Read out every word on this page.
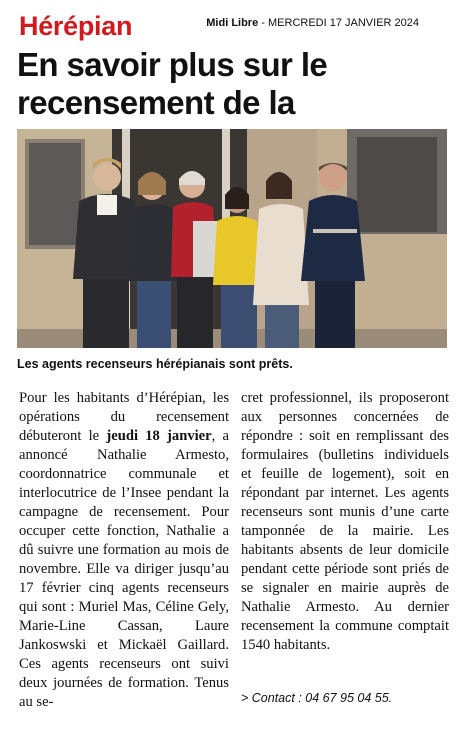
Hérépian	Midi Libre - MERCREDI 17 JANVIER 2024
En savoir plus sur le
recensement de la
Les agents recenseurs hérépianais sont prêts.
Pour les habitants d’Hérépian, les opérations du recensement débuteront le jeudi 18 janvier, a annoncé Nathalie Armesto, coordonnatrice communale et interlocutrice de l’Insee pendant la campagne de recensement. Pour occuper cette fonction, Nathalie a dû suivre une formation au mois de novembre. Elle va diriger jusqu’au 17 février cinq agents recenseurs qui sont : Muriel Mas, Céline Gely, Marie-Line Cassan, Laure Jankoswski et Mickaël Gaillard. Ces agents recenseurs ont suivi deux journées de formation. Tenus au se-
cret professionnel, ils proposeront aux personnes concernées de répondre : soit en remplissant des formulaires (bulletins individuels et feuille de logement), soit en répondant par internet. Les agents recenseurs sont munis d’une carte tamponnée de la mairie. Les habitants absents de leur domicile pendant cette période sont priés de se signaler en mairie auprès de Nathalie Armesto. Au dernier recensement la commune comptait 1540 habitants.
> Contact : 04 67 95 04 55.
